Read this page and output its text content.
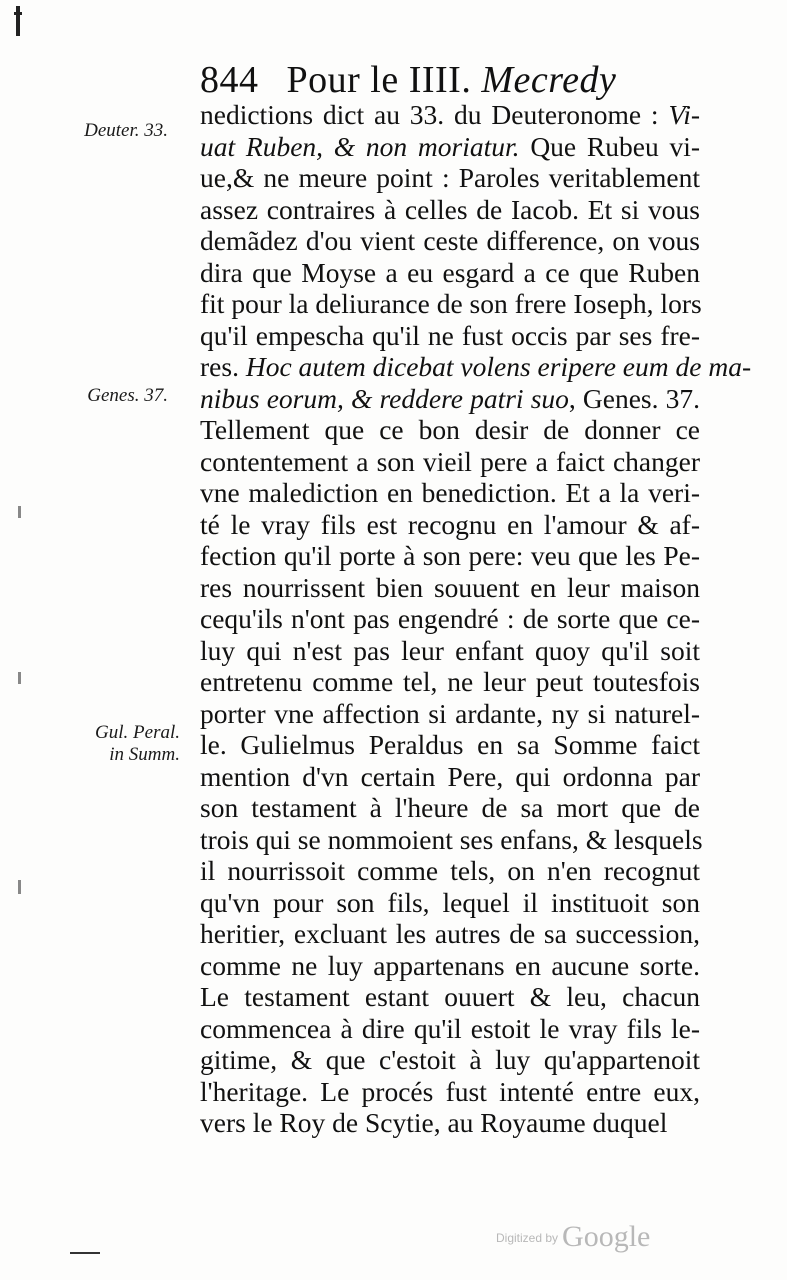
844 Pour le IIII. Mecredy
Deuter. 33.
Genes. 37.
Gul. Peral.
in Summ.
nedictions dict au 33. du Deuteronome : Vi-
uat Ruben, & non moriatur. Que Rubeu vi-
ue,& ne meure point : Paroles veritablement
assez contraires à celles de Iacob. Et si vous
demãdez d'ou vient ceste difference, on vous
dira que Moyse a eu esgard a ce que Ruben
fit pour la deliurance de son frere Ioseph, lors
qu'il empescha qu'il ne fust occis par ses fre-
res. Hoc autem dicebat volens eripere eum de ma-
nibus eorum, & reddere patri suo, Genes. 37.
Tellement que ce bon desir de donner ce
contentement a son vieil pere a faict changer
vne malediction en benediction. Et a la veri-
té le vray fils est recognu en l'amour & af-
fection qu'il porte à son pere: veu que les Pe-
res nourrissent bien souuent en leur maison
cequ'ils n'ont pas engendré : de sorte que ce-
luy qui n'est pas leur enfant quoy qu'il soit
entretenu comme tel, ne leur peut toutesfois
porter vne affection si ardante, ny si naturel-
le. Gulielmus Peraldus en sa Somme faict
mention d'vn certain Pere, qui ordonna par
son testament à l'heure de sa mort que de
trois qui se nommoient ses enfans, & lesquels
il nourrissoit comme tels, on n'en recognut
qu'vn pour son fils, lequel il instituoit son
heritier, excluant les autres de sa succession,
comme ne luy appartenans en aucune sorte.
Le testament estant ouuert & leu, chacun
commencea à dire qu'il estoit le vray fils le-
gitime, & que c'estoit à luy qu'appartenoit
l'heritage. Le procés fust intenté entre eux,
vers le Roy de Scytie, au Royaume duquel
$^{Digitized by}$ Google
